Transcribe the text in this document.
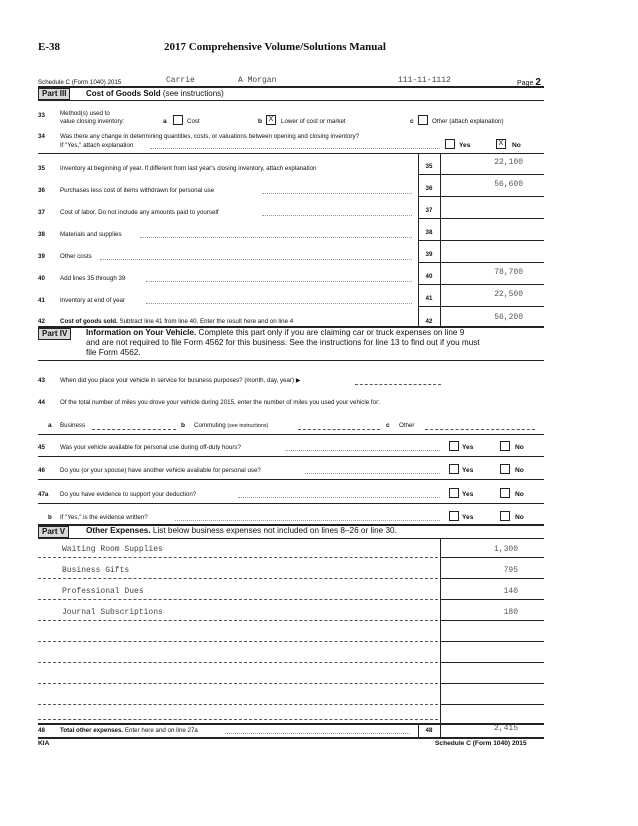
E-38	2017 Comprehensive Volume/Solutions Manual
Schedule C (Form 1040) 2015	Carrie	A Morgan	111-11-1112	Page 2
Part III	Cost of Goods Sold (see instructions)
33 Method(s) used to
value closing inventory:	a	Cost	b X	Lower of cost or market	c	Other (attach explanation)
34 Was there any change in determining quantities, costs, or valuations between opening and closing inventory?
If "Yes," attach explanation	Yes	X	No
35 Inventory at beginning of year. If different from last year's closing inventory, attach explanation	35	22,100
36 Purchases less cost of items withdrawn for personal use	36	56,600
37 Cost of labor. Do not include any amounts paid to yourself	37
38 Materials and supplies	38
39 Other costs	39
40 Add lines 35 through 39	40	78,700
41 Inventory at end of year	41	22,500
42 Cost of goods sold. Subtract line 41 from line 40. Enter the result here and on line 4	42	56,200
Part IV	Information on Your Vehicle. Complete this part only if you are claiming car or truck expenses on line 9
and are not required to file Form 4562 for this business. See the instructions for line 13 to find out if you must
file Form 4562.
43 When did you place your vehicle in service for business purposes? (month, day, year) ▶
44 Of the total number of miles you drove your vehicle during 2015, enter the number of miles you used your vehicle for:
a Business	b Commuting (see instructions)	c Other
45 Was your vehicle available for personal use during off-duty hours?	Yes	No
46 Do you (or your spouse) have another vehicle available for personal use?	Yes	No
47a Do you have evidence to support your deduction?	Yes	No
b If "Yes," is the evidence written?	Yes	No
Part V	Other Expenses. List below business expenses not included on lines 8–26 or line 30.
Waiting Room Supplies	1,300
Business Gifts	795
Professional Dues	140
Journal Subscriptions	180
48 Total other expenses. Enter here and on line 27a	48	2,415
KIA	Schedule C (Form 1040) 2015
